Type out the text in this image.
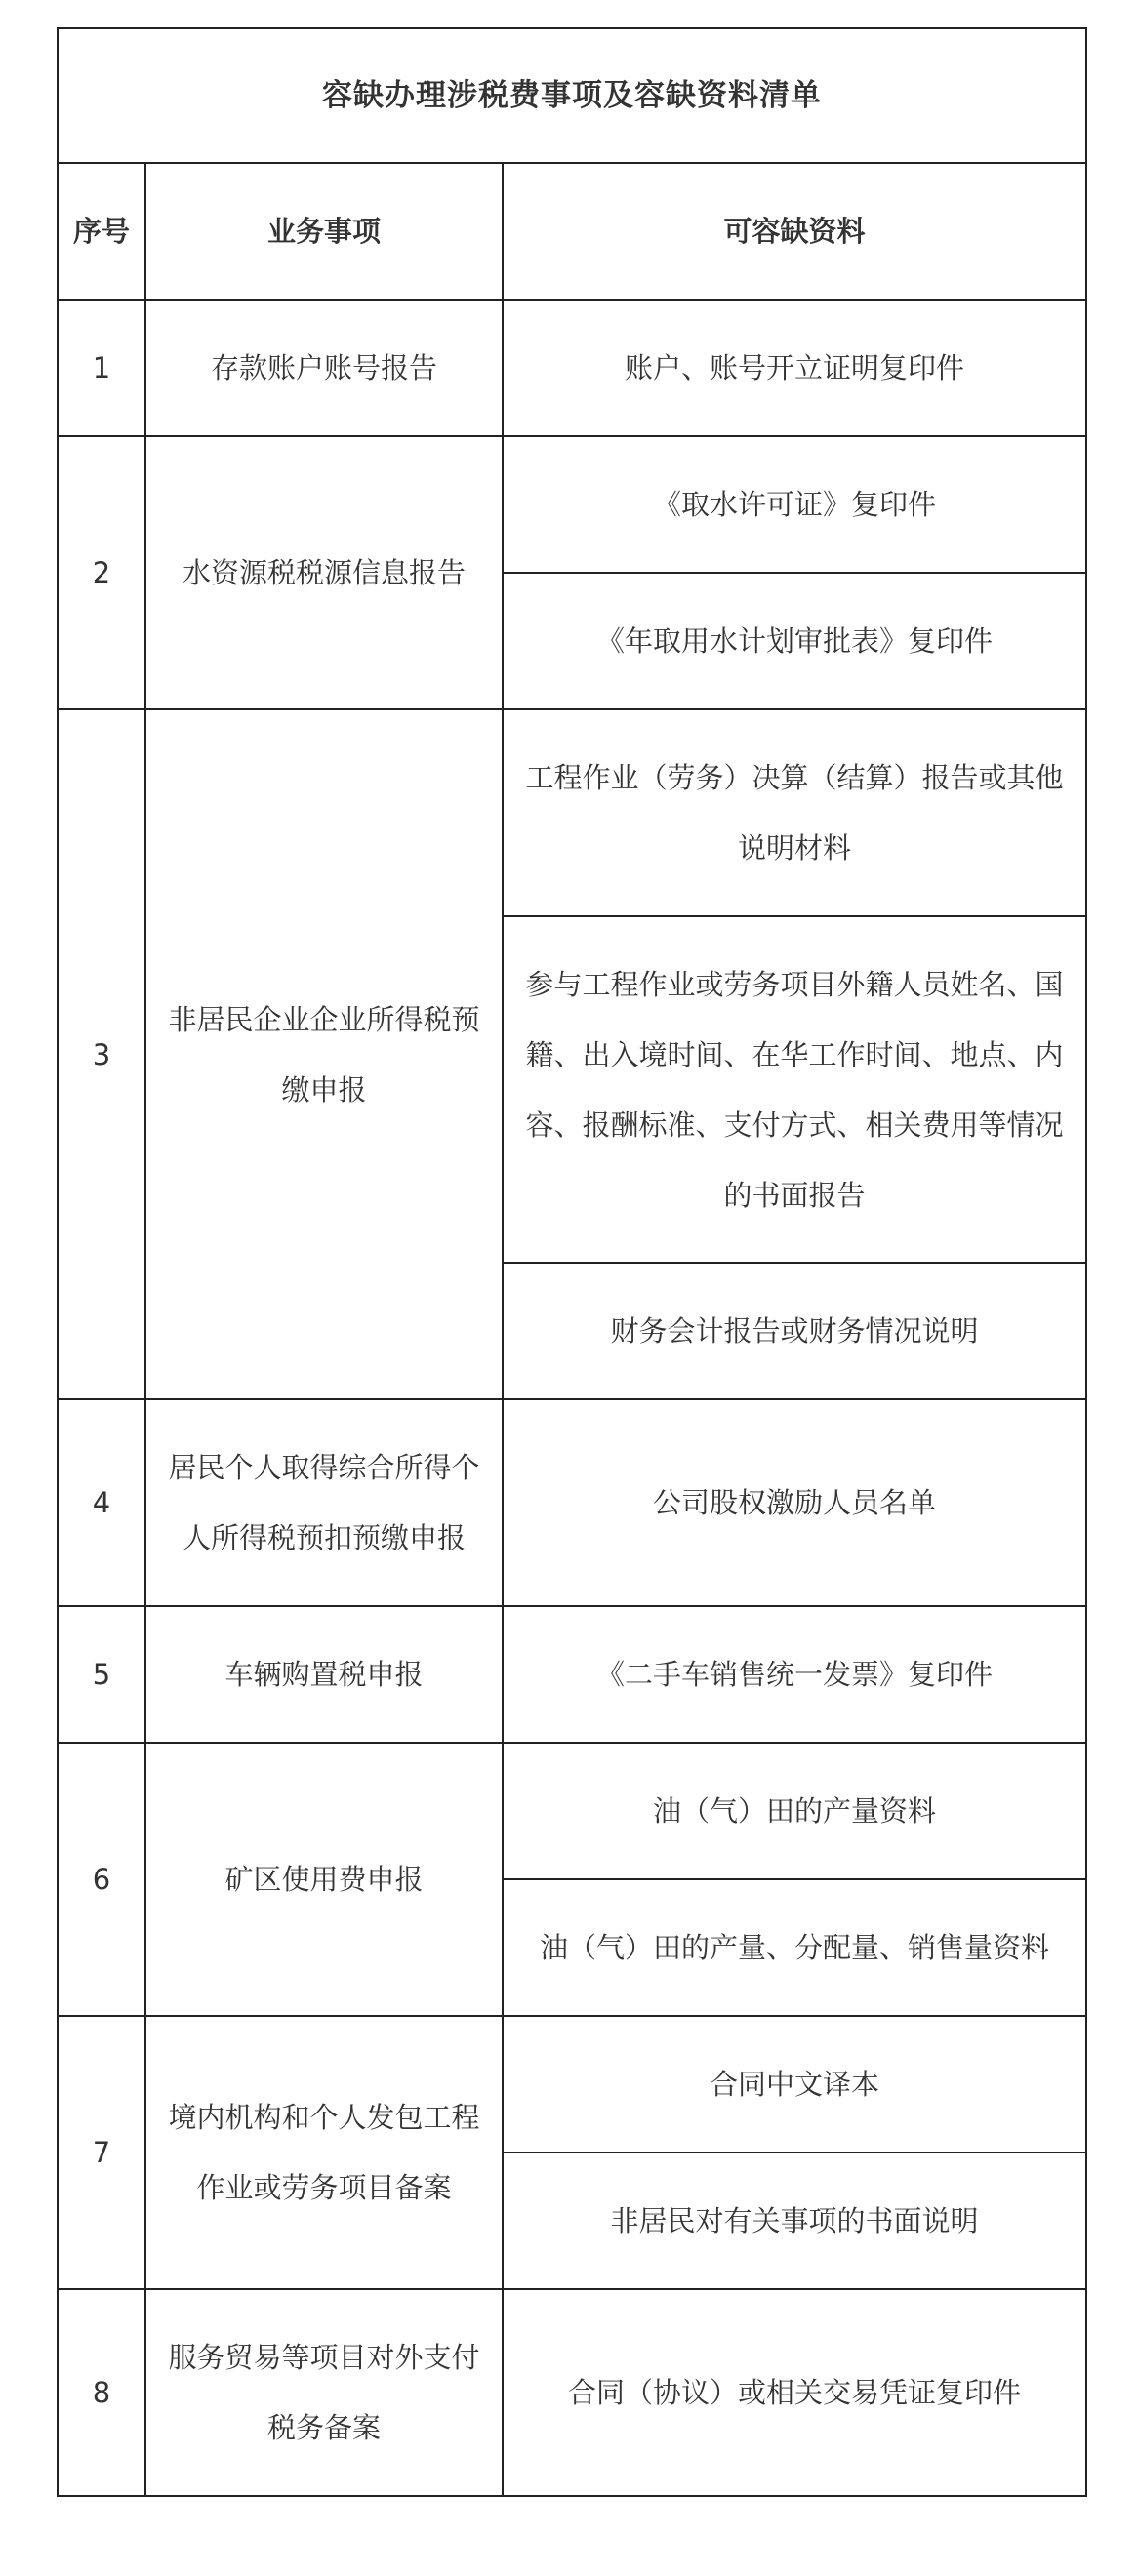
容缺办理涉税费事项及容缺资料清单		
序号	业务事项	可容缺资料
1	存款账户账号报告	账户、账号开立证明复印件
2	水资源税税源信息报告	《取水许可证》复印件
		《年取用水计划审批表》复印件
3	非居民企业企业所得税预缴申报	工程作业（劳务）决算（结算）报告或其他说明材料
		参与工程作业或劳务项目外籍人员姓名、国籍、出入境时间、在华工作时间、地点、内容、报酬标准、支付方式、相关费用等情况的书面报告
		财务会计报告或财务情况说明
4	居民个人取得综合所得个人所得税预扣预缴申报	公司股权激励人员名单
5	车辆购置税申报	《二手车销售统一发票》复印件
6	矿区使用费申报	油（气）田的产量资料
		油（气）田的产量、分配量、销售量资料
7	境内机构和个人发包工程作业或劳务项目备案	合同中文译本
		非居民对有关事项的书面说明
8	服务贸易等项目对外支付税务备案	合同（协议）或相关交易凭证复印件
